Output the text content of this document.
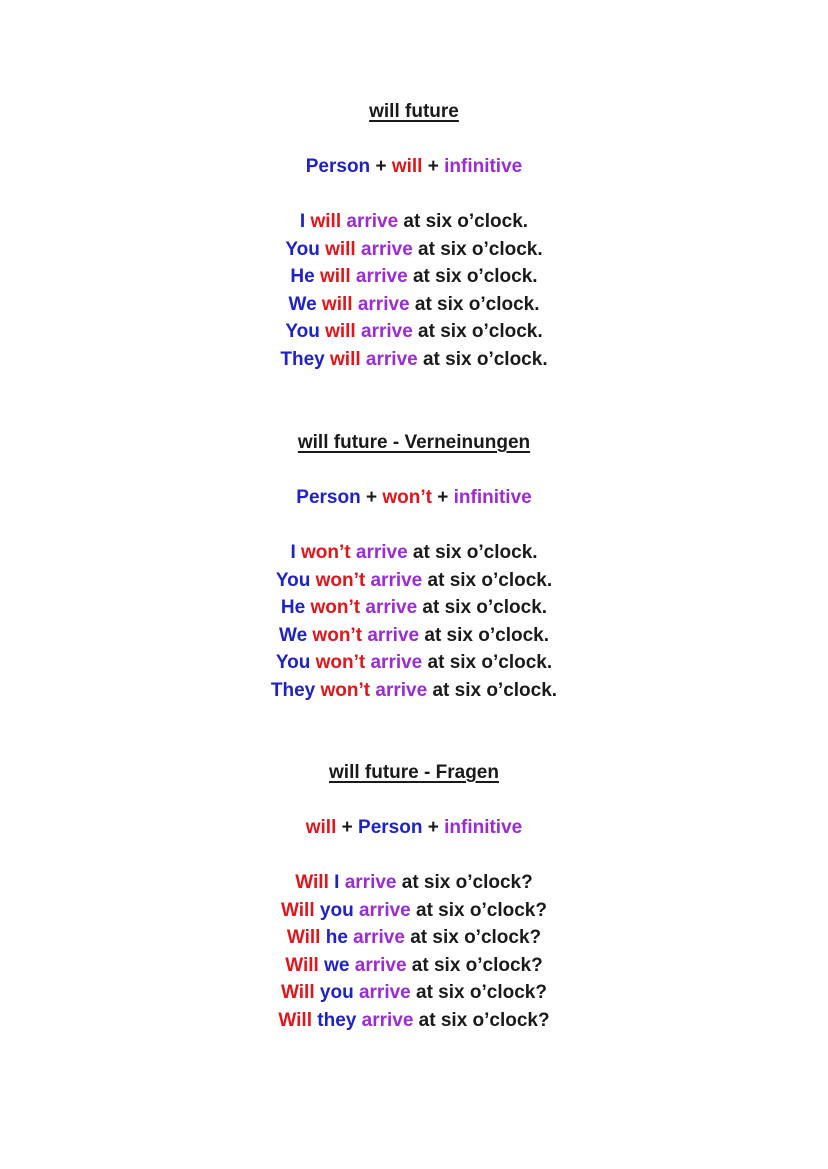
will future
Person + will + infinitive
I will arrive at six o’clock.
You will arrive at six o’clock.
He will arrive at six o’clock.
We will arrive at six o’clock.
You will arrive at six o’clock.
They will arrive at six o’clock.
will future - Verneinungen
Person + won’t + infinitive
I won’t arrive at six o’clock.
You won’t arrive at six o’clock.
He won’t arrive at six o’clock.
We won’t arrive at six o’clock.
You won’t arrive at six o’clock.
They won’t arrive at six o’clock.
will future - Fragen
will + Person + infinitive
Will I arrive at six o’clock?
Will you arrive at six o’clock?
Will he arrive at six o’clock?
Will we arrive at six o’clock?
Will you arrive at six o’clock?
Will they arrive at six o’clock?
